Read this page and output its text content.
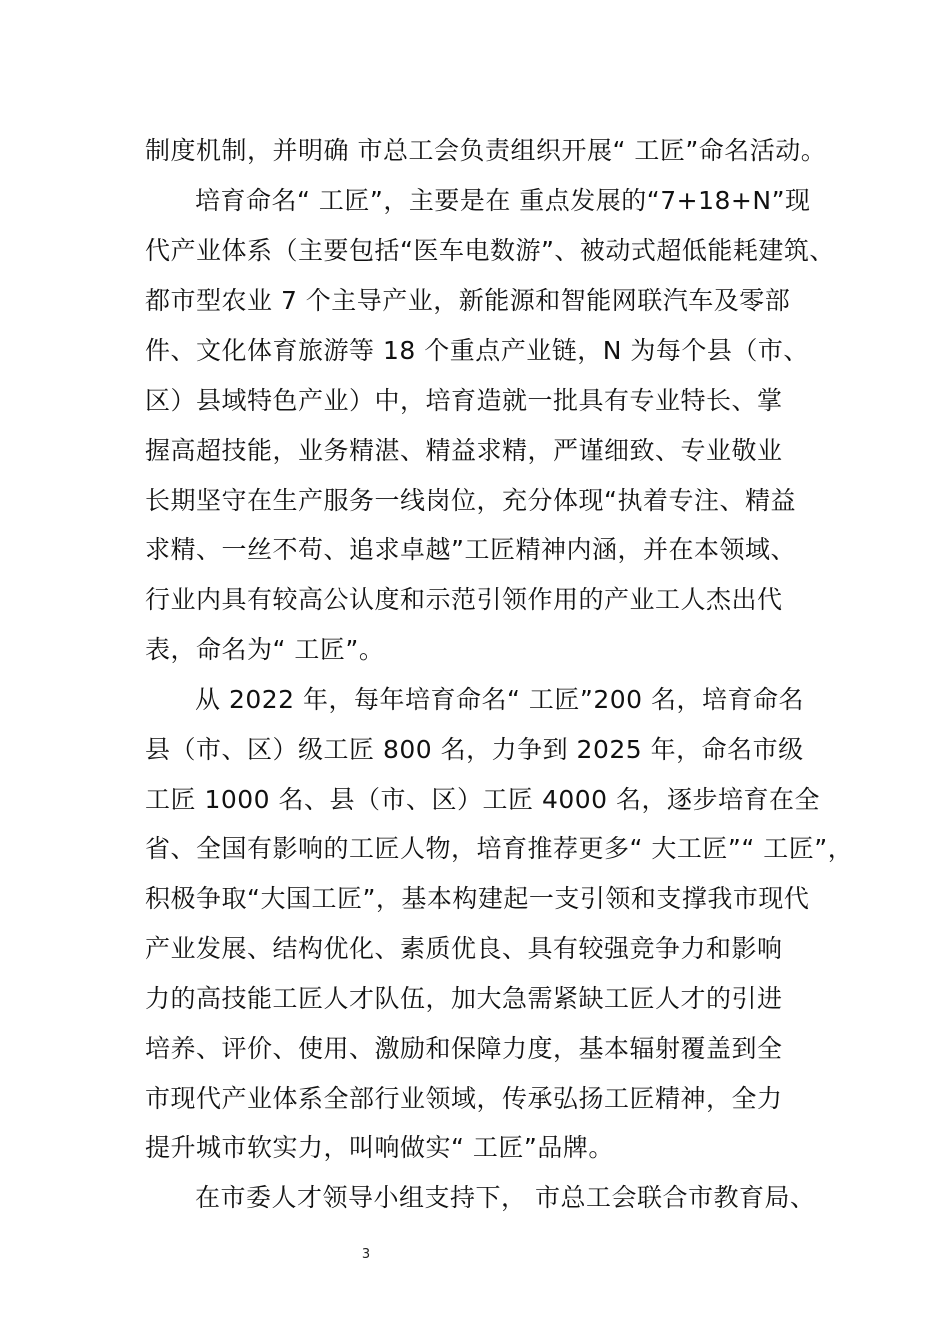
制度机制，并明确 市总工会负责组织开展“ 工匠”命名活动。
培育命名“ 工匠”，主要是在 重点发展的“7+18+N”现
代产业体系（主要包括“医车电数游”、被动式超低能耗建筑、
都市型农业 7 个主导产业，新能源和智能网联汽车及零部
件、文化体育旅游等 18 个重点产业链，N 为每个县（市、
区）县域特色产业）中，培育造就一批具有专业特长、掌
握高超技能，业务精湛、精益求精，严谨细致、专业敬业
长期坚守在生产服务一线岗位，充分体现“执着专注、精益
求精、一丝不苟、追求卓越”工匠精神内涵，并在本领域、
行业内具有较高公认度和示范引领作用的产业工人杰出代
表，命名为“ 工匠”。
从 2022 年，每年培育命名“ 工匠”200 名，培育命名
县（市、区）级工匠 800 名，力争到 2025 年，命名市级
工匠 1000 名、县（市、区）工匠 4000 名，逐步培育在全
省、全国有影响的工匠人物，培育推荐更多“ 大工匠”“ 工匠”，
积极争取“大国工匠”，基本构建起一支引领和支撑我市现代
产业发展、结构优化、素质优良、具有较强竞争力和影响
力的高技能工匠人才队伍，加大急需紧缺工匠人才的引进
培养、评价、使用、激励和保障力度，基本辐射覆盖到全
市现代产业体系全部行业领域，传承弘扬工匠精神，全力
提升城市软实力，叫响做实“ 工匠”品牌。
在市委人才领导小组支持下， 市总工会联合市教育局、
3
